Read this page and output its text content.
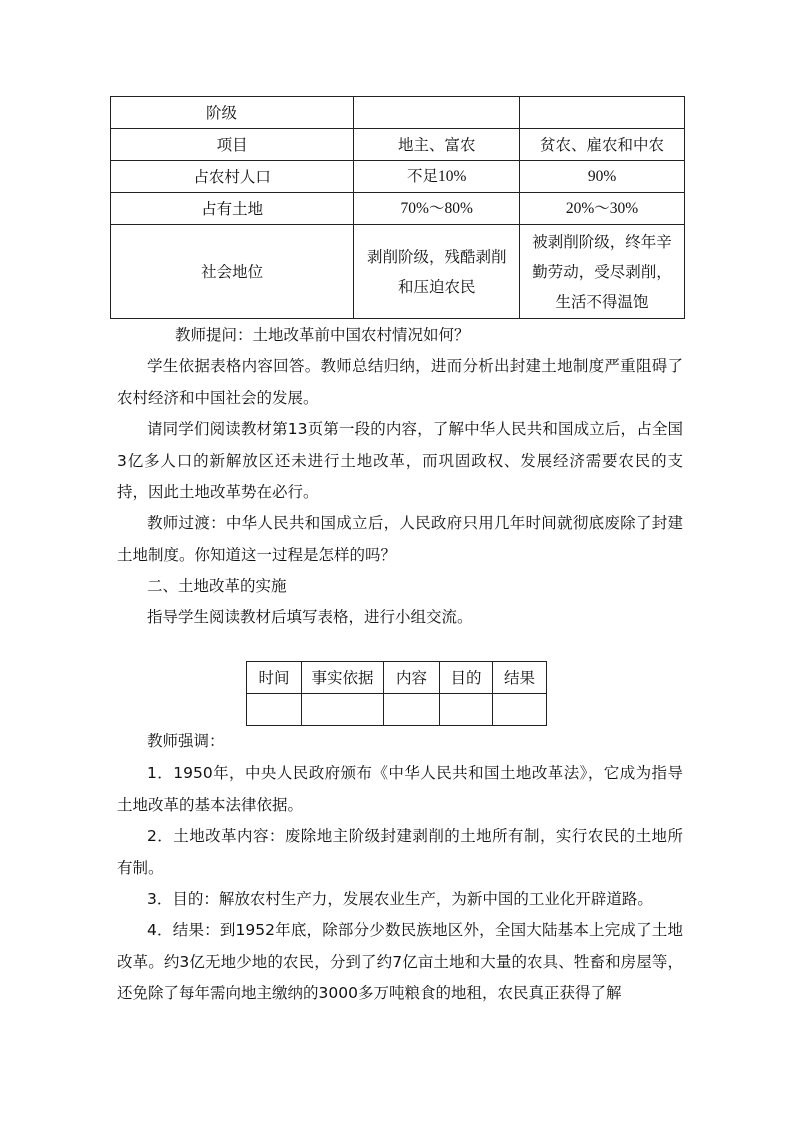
阶级		
项目	地主、富农	贫农、雇农和中农
占农村人口	不足10%	90%
占有土地	70%～80%	20%～30%
社会地位	剥削阶级，残酷剥削和压迫农民	被剥削阶级，终年辛勤劳动，受尽剥削，生活不得温饱

教师提问：土地改革前中国农村情况如何？

学生依据表格内容回答。教师总结归纳，进而分析出封建土地制度严重阻碍了农村经济和中国社会的发展。

请同学们阅读教材第13页第一段的内容，了解中华人民共和国成立后，占全国3亿多人口的新解放区还未进行土地改革，而巩固政权、发展经济需要农民的支持，因此土地改革势在必行。

教师过渡：中华人民共和国成立后，人民政府只用几年时间就彻底废除了封建土地制度。你知道这一过程是怎样的吗？

二、土地改革的实施

指导学生阅读教材后填写表格，进行小组交流。

时间	事实依据	内容	目的	结果

教师强调：

1．1950年，中央人民政府颁布《中华人民共和国土地改革法》，它成为指导土地改革的基本法律依据。

2．土地改革内容：废除地主阶级封建剥削的土地所有制，实行农民的土地所有制。

3．目的：解放农村生产力，发展农业生产，为新中国的工业化开辟道路。

4．结果：到1952年底，除部分少数民族地区外，全国大陆基本上完成了土地改革。约3亿无地少地的农民，分到了约7亿亩土地和大量的农具、牲畜和房屋等，还免除了每年需向地主缴纳的3000多万吨粮食的地租，农民真正获得了解
